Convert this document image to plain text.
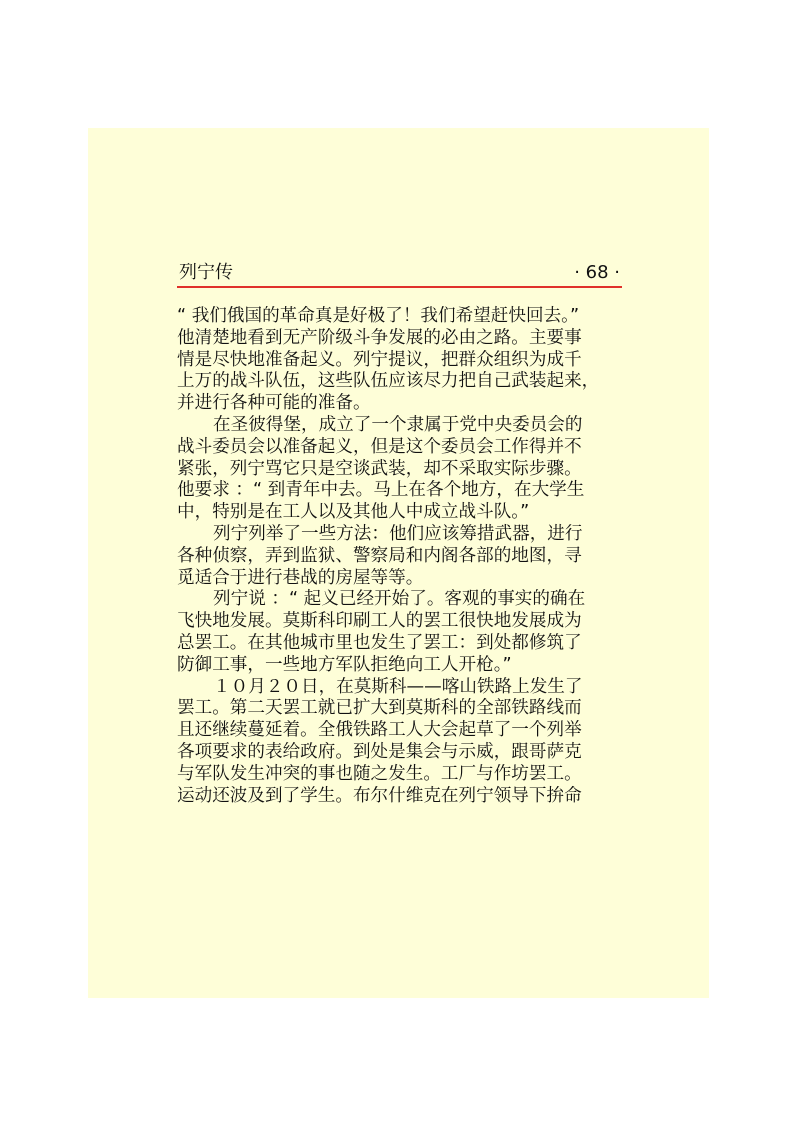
列宁传	· 68 ·
“ 我们俄国的革命真是好极了！我们希望赶快回去。”
他清楚地看到无产阶级斗争发展的必由之路。主要事
情是尽快地准备起义。列宁提议，把群众组织为成千
上万的战斗队伍，这些队伍应该尽力把自己武装起来，
并进行各种可能的准备。
在圣彼得堡，成立了一个隶属于党中央委员会的
战斗委员会以准备起义，但是这个委员会工作得并不
紧张，列宁骂它只是空谈武装，却不采取实际步骤。
他要求 ：“ 到青年中去。马上在各个地方，在大学生
中，特别是在工人以及其他人中成立战斗队。”
列宁列举了一些方法：他们应该筹措武器，进行
各种侦察，弄到监狱、警察局和内阁各部的地图，寻
觅适合于进行巷战的房屋等等。
列宁说 ：“ 起义已经开始了。客观的事实的确在
飞快地发展。莫斯科印刷工人的罢工很快地发展成为
总罢工。在其他城市里也发生了罢工：到处都修筑了
防御工事，一些地方军队拒绝向工人开枪。”
１０月２０日，在莫斯科——喀山铁路上发生了
罢工。第二天罢工就已扩大到莫斯科的全部铁路线而
且还继续蔓延着。全俄铁路工人大会起草了一个列举
各项要求的表给政府。到处是集会与示威，跟哥萨克
与军队发生冲突的事也随之发生。工厂与作坊罢工。
运动还波及到了学生。布尔什维克在列宁领导下拚命
